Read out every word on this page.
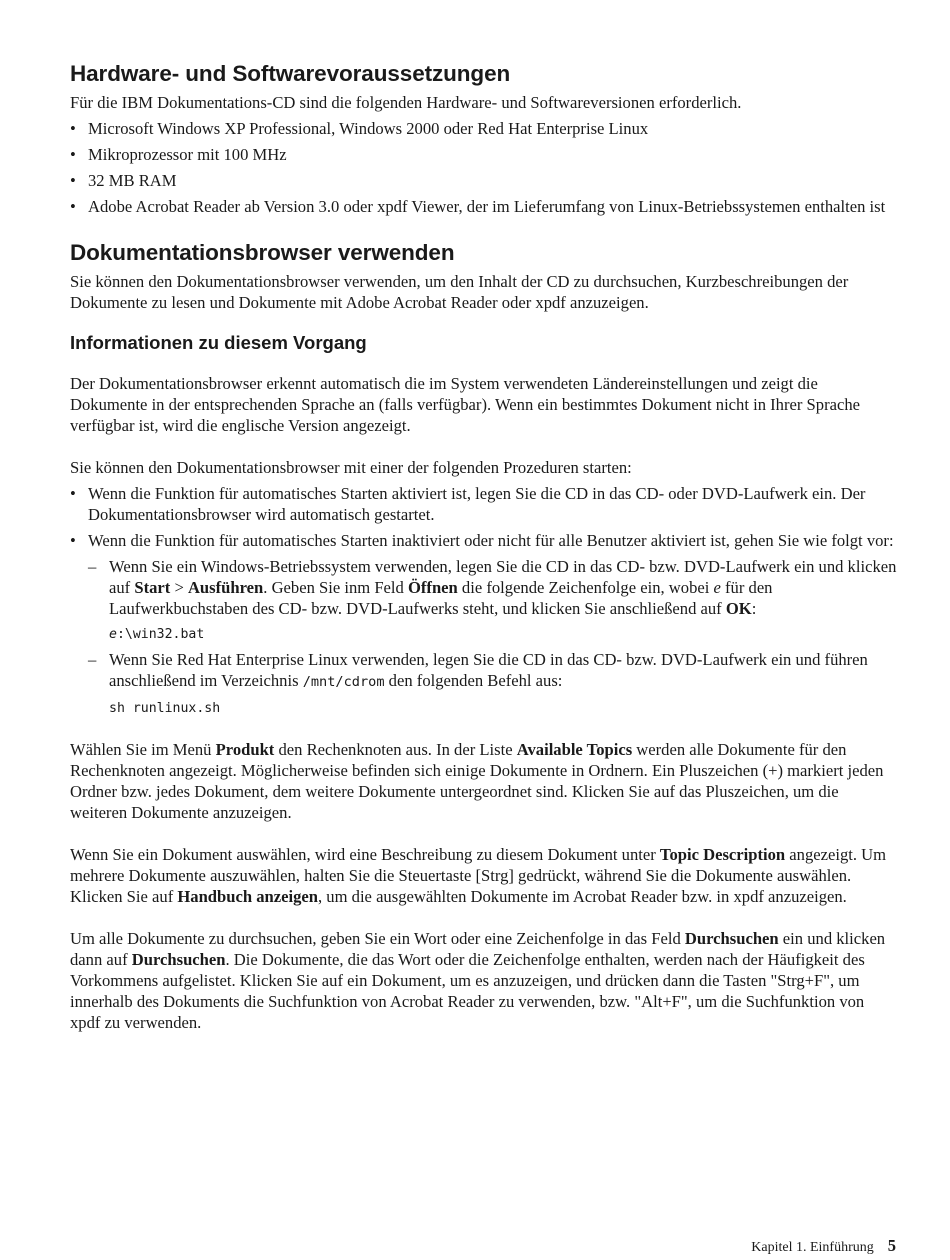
Hardware- und Softwarevoraussetzungen

Für die IBM Dokumentations-CD sind die folgenden Hardware- und Softwareversionen erforderlich.

• Microsoft Windows XP Professional, Windows 2000 oder Red Hat Enterprise Linux
• Mikroprozessor mit 100 MHz
• 32 MB RAM
• Adobe Acrobat Reader ab Version 3.0 oder xpdf Viewer, der im Lieferumfang von Linux-Betriebssystemen enthalten ist
Dokumentationsbrowser verwenden

Sie können den Dokumentationsbrowser verwenden, um den Inhalt der CD zu durchsuchen, Kurzbeschreibungen der Dokumente zu lesen und Dokumente mit Adobe Acrobat Reader oder xpdf anzuzeigen.

Informationen zu diesem Vorgang

Der Dokumentationsbrowser erkennt automatisch die im System verwendeten Ländereinstellungen und zeigt die Dokumente in der entsprechenden Sprache an (falls verfügbar). Wenn ein bestimmtes Dokument nicht in Ihrer Sprache verfügbar ist, wird die englische Version angezeigt.

Sie können den Dokumentationsbrowser mit einer der folgenden Prozeduren starten:

• Wenn die Funktion für automatisches Starten aktiviert ist, legen Sie die CD in das CD- oder DVD-Laufwerk ein. Der Dokumentationsbrowser wird automatisch gestartet.
• Wenn die Funktion für automatisches Starten inaktiviert oder nicht für alle Benutzer aktiviert ist, gehen Sie wie folgt vor:
– Wenn Sie ein Windows-Betriebssystem verwenden, legen Sie die CD in das CD- bzw. DVD-Laufwerk ein und klicken auf Start > Ausführen. Geben Sie inm Feld Öffnen die folgende Zeichenfolge ein, wobei e für den Laufwerkbuchstaben des CD- bzw. DVD-Laufwerks steht, und klicken Sie anschließend auf OK:
e:\win32.bat
– Wenn Sie Red Hat Enterprise Linux verwenden, legen Sie die CD in das CD- bzw. DVD-Laufwerk ein und führen anschließend im Verzeichnis /mnt/cdrom den folgenden Befehl aus:
sh runlinux.sh

Wählen Sie im Menü Produkt den Rechenknoten aus. In der Liste Available Topics werden alle Dokumente für den Rechenknoten angezeigt. Möglicherweise befinden sich einige Dokumente in Ordnern. Ein Pluszeichen (+) markiert jeden Ordner bzw. jedes Dokument, dem weitere Dokumente untergeordnet sind. Klicken Sie auf das Pluszeichen, um die weiteren Dokumente anzuzeigen.

Wenn Sie ein Dokument auswählen, wird eine Beschreibung zu diesem Dokument unter Topic Description angezeigt. Um mehrere Dokumente auszuwählen, halten Sie die Steuertaste [Strg] gedrückt, während Sie die Dokumente auswählen. Klicken Sie auf Handbuch anzeigen, um die ausgewählten Dokumente im Acrobat Reader bzw. in xpdf anzuzeigen.

Um alle Dokumente zu durchsuchen, geben Sie ein Wort oder eine Zeichenfolge in das Feld Durchsuchen ein und klicken dann auf Durchsuchen. Die Dokumente, die das Wort oder die Zeichenfolge enthalten, werden nach der Häufigkeit des Vorkommens aufgelistet. Klicken Sie auf ein Dokument, um es anzuzeigen, und drücken dann die Tasten "Strg+F", um innerhalb des Dokuments die Suchfunktion von Acrobat Reader zu verwenden, bzw. "Alt+F", um die Suchfunktion von xpdf zu verwenden.

Kapitel 1. Einführung 5
